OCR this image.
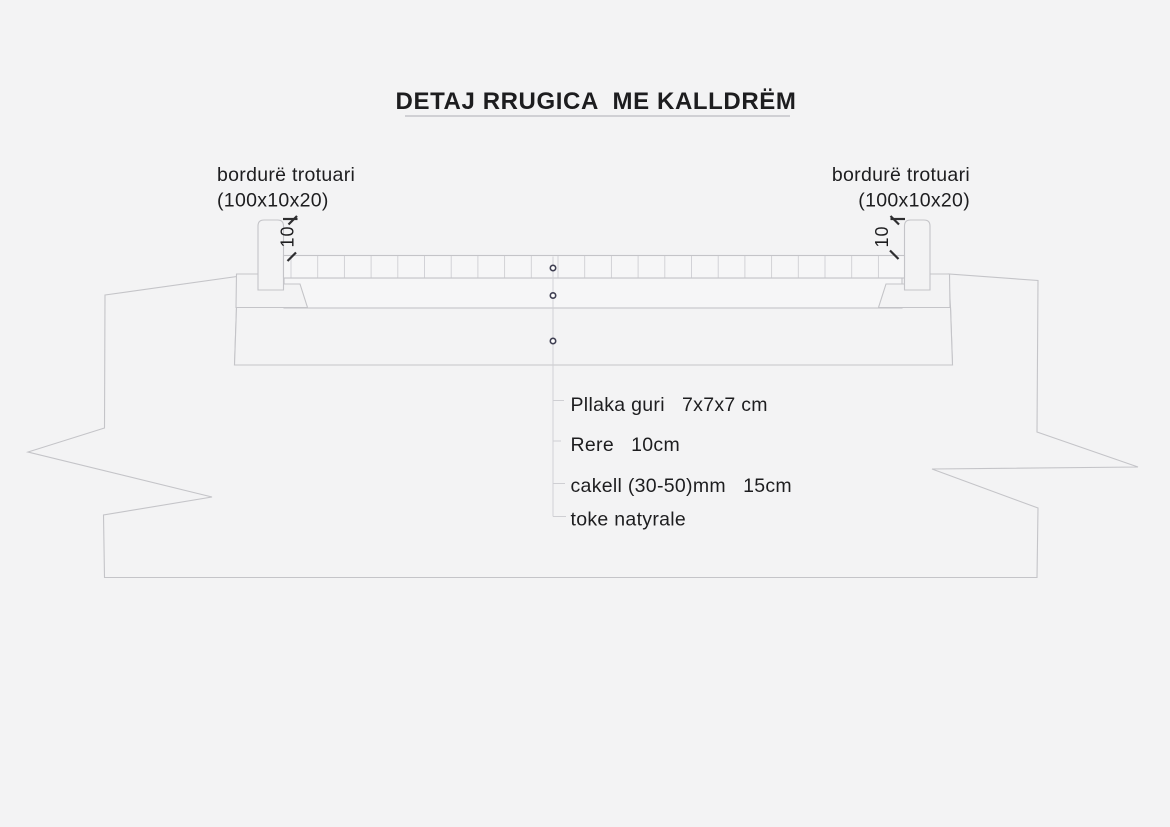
10	10
DETAJ RRUGICA  ME KALLDRËM
bordurë trotuari
(100x10x20)
bordurë trotuari
(100x10x20)
Pllaka guri   7x7x7 cm
Rere   10cm
cakell (30-50)mm   15cm
toke natyrale
